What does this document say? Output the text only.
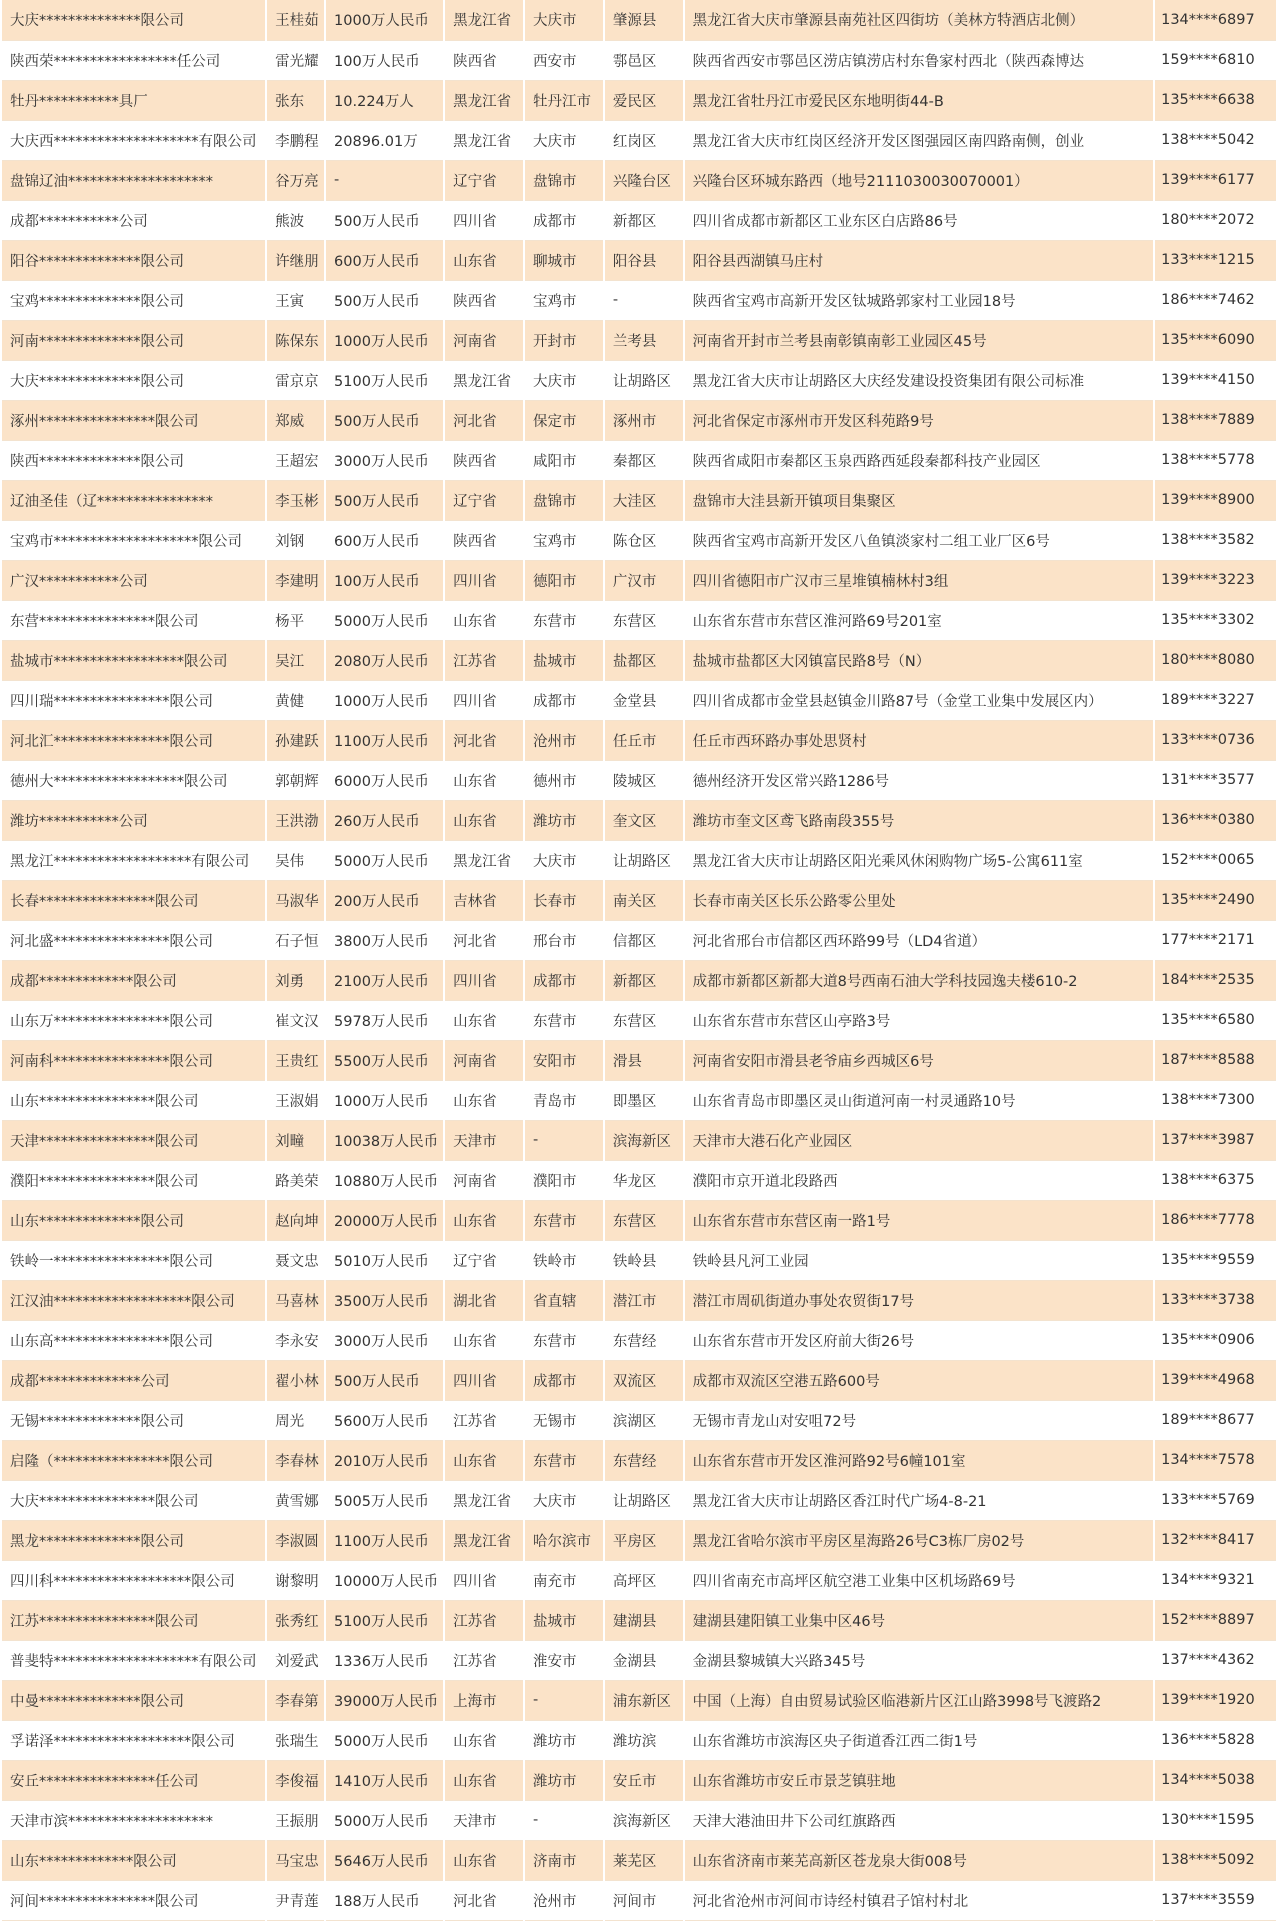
大庆**************限公司	王桂茹	1000万人民币	黑龙江省	大庆市	肇源县	黑龙江省大庆市肇源县南苑社区四街坊（美林方特酒店北侧）	134****6897
陕西荣*****************任公司	雷光耀	100万人民币	陕西省	西安市	鄠邑区	陕西省西安市鄠邑区涝店镇涝店村东鲁家村西北（陕西森博达	159****6810
牡丹***********具厂	张东	10.224万人	黑龙江省	牡丹江市	爱民区	黑龙江省牡丹江市爱民区东地明街44-B	135****6638
大庆西********************有限公司	李鹏程	20896.01万	黑龙江省	大庆市	红岗区	黑龙江省大庆市红岗区经济开发区图强园区南四路南侧，创业	138****5042
盘锦辽油********************	谷万亮	-	辽宁省	盘锦市	兴隆台区	兴隆台区环城东路西（地号2111030030070001）	139****6177
成都***********公司	熊波	500万人民币	四川省	成都市	新都区	四川省成都市新都区工业东区白店路86号	180****2072
阳谷**************限公司	许继朋	600万人民币	山东省	聊城市	阳谷县	阳谷县西湖镇马庄村	133****1215
宝鸡**************限公司	王寅	500万人民币	陕西省	宝鸡市	-	陕西省宝鸡市高新开发区钛城路郭家村工业园18号	186****7462
河南**************限公司	陈保东	1000万人民币	河南省	开封市	兰考县	河南省开封市兰考县南彰镇南彰工业园区45号	135****6090
大庆**************限公司	雷京京	5100万人民币	黑龙江省	大庆市	让胡路区	黑龙江省大庆市让胡路区大庆经发建设投资集团有限公司标准	139****4150
涿州****************限公司	郑威	500万人民币	河北省	保定市	涿州市	河北省保定市涿州市开发区科苑路9号	138****7889
陕西**************限公司	王超宏	3000万人民币	陕西省	咸阳市	秦都区	陕西省咸阳市秦都区玉泉西路西延段秦都科技产业园区	138****5778
辽油圣佳（辽****************	李玉彬	500万人民币	辽宁省	盘锦市	大洼区	盘锦市大洼县新开镇项目集聚区	139****8900
宝鸡市********************限公司	刘钢	600万人民币	陕西省	宝鸡市	陈仓区	陕西省宝鸡市高新开发区八鱼镇淡家村二组工业厂区6号	138****3582
广汉***********公司	李建明	100万人民币	四川省	德阳市	广汉市	四川省德阳市广汉市三星堆镇楠林村3组	139****3223
东营****************限公司	杨平	5000万人民币	山东省	东营市	东营区	山东省东营市东营区淮河路69号201室	135****3302
盐城市******************限公司	吴江	2080万人民币	江苏省	盐城市	盐都区	盐城市盐都区大冈镇富民路8号（N）	180****8080
四川瑞****************限公司	黄健	1000万人民币	四川省	成都市	金堂县	四川省成都市金堂县赵镇金川路87号（金堂工业集中发展区内）	189****3227
河北汇****************限公司	孙建跃	1100万人民币	河北省	沧州市	任丘市	任丘市西环路办事处思贤村	133****0736
德州大******************限公司	郭朝辉	6000万人民币	山东省	德州市	陵城区	德州经济开发区常兴路1286号	131****3577
潍坊***********公司	王洪渤	260万人民币	山东省	潍坊市	奎文区	潍坊市奎文区鸢飞路南段355号	136****0380
黑龙江*******************有限公司	吴伟	5000万人民币	黑龙江省	大庆市	让胡路区	黑龙江省大庆市让胡路区阳光乘风休闲购物广场5-公寓611室	152****0065
长春****************限公司	马淑华	200万人民币	吉林省	长春市	南关区	长春市南关区长乐公路零公里处	135****2490
河北盛****************限公司	石子恒	3800万人民币	河北省	邢台市	信都区	河北省邢台市信都区西环路99号（LD4省道）	177****2171
成都*************限公司	刘勇	2100万人民币	四川省	成都市	新都区	成都市新都区新都大道8号西南石油大学科技园逸夫楼610-2	184****2535
山东万****************限公司	崔文汉	5978万人民币	山东省	东营市	东营区	山东省东营市东营区山亭路3号	135****6580
河南科****************限公司	王贵红	5500万人民币	河南省	安阳市	滑县	河南省安阳市滑县老爷庙乡西城区6号	187****8588
山东****************限公司	王淑娟	1000万人民币	山东省	青岛市	即墨区	山东省青岛市即墨区灵山街道河南一村灵通路10号	138****7300
天津****************限公司	刘疃	10038万人民币	天津市	-	滨海新区	天津市大港石化产业园区	137****3987
濮阳****************限公司	路美荣	10880万人民币	河南省	濮阳市	华龙区	濮阳市京开道北段路西	138****6375
山东**************限公司	赵向坤	20000万人民币	山东省	东营市	东营区	山东省东营市东营区南一路1号	186****7778
铁岭一****************限公司	聂文忠	5010万人民币	辽宁省	铁岭市	铁岭县	铁岭县凡河工业园	135****9559
江汉油*******************限公司	马喜林	3500万人民币	湖北省	省直辖	潜江市	潜江市周矶街道办事处农贸街17号	133****3738
山东高****************限公司	李永安	3000万人民币	山东省	东营市	东营经	山东省东营市开发区府前大街26号	135****0906
成都**************公司	翟小林	500万人民币	四川省	成都市	双流区	成都市双流区空港五路600号	139****4968
无锡**************限公司	周光	5600万人民币	江苏省	无锡市	滨湖区	无锡市青龙山对安咀72号	189****8677
启隆（****************限公司	李春林	2010万人民币	山东省	东营市	东营经	山东省东营市开发区淮河路92号6幢101室	134****7578
大庆****************限公司	黄雪娜	5005万人民币	黑龙江省	大庆市	让胡路区	黑龙江省大庆市让胡路区香江时代广场4-8-21	133****5769
黑龙**************限公司	李淑圆	1100万人民币	黑龙江省	哈尔滨市	平房区	黑龙江省哈尔滨市平房区星海路26号C3栋厂房02号	132****8417
四川科*******************限公司	谢黎明	10000万人民币	四川省	南充市	高坪区	四川省南充市高坪区航空港工业集中区机场路69号	134****9321
江苏****************限公司	张秀红	5100万人民币	江苏省	盐城市	建湖县	建湖县建阳镇工业集中区46号	152****8897
普斐特********************有限公司	刘爱武	1336万人民币	江苏省	淮安市	金湖县	金湖县黎城镇大兴路345号	137****4362
中曼**************限公司	李春第	39000万人民币	上海市	-	浦东新区	中国（上海）自由贸易试验区临港新片区江山路3998号飞渡路2	139****1920
孚诺泽*******************限公司	张瑞生	5000万人民币	山东省	潍坊市	潍坊滨	山东省潍坊市滨海区央子街道香江西二街1号	136****5828
安丘****************任公司	李俊福	1410万人民币	山东省	潍坊市	安丘市	山东省潍坊市安丘市景芝镇驻地	134****5038
天津市滨********************	王振朋	5000万人民币	天津市	-	滨海新区	天津大港油田井下公司红旗路西	130****1595
山东*************限公司	马宝忠	5646万人民币	山东省	济南市	莱芜区	山东省济南市莱芜高新区苍龙泉大街008号	138****5092
河间****************限公司	尹青莲	188万人民币	河北省	沧州市	河间市	河北省沧州市河间市诗经村镇君子馆村村北	137****3559
